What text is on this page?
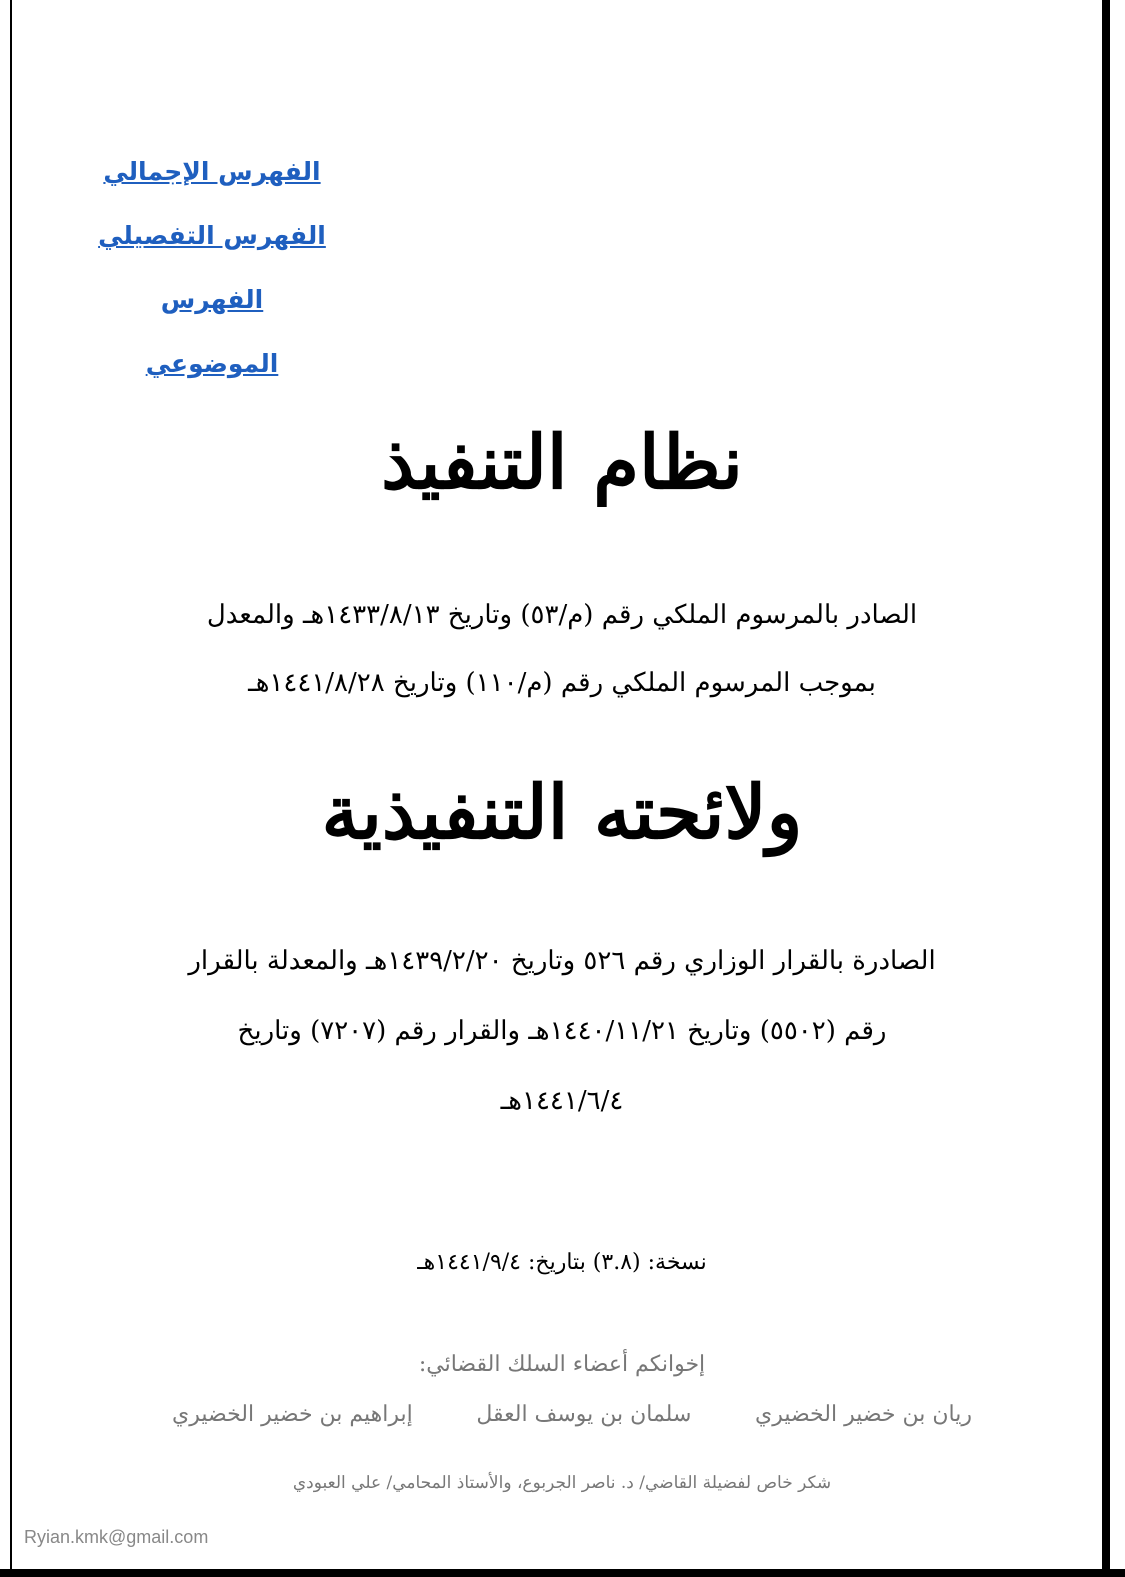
الفهرس الإجمالي
الفهرس التفصيلي
الفهرس الموضوعي
نظام التنفيذ
الصادر بالمرسوم الملكي رقم (م/٥٣) وتاريخ ١٤٣٣/٨/١٣هـ والمعدل
بموجب المرسوم الملكي رقم (م/١١٠) وتاريخ ١٤٤١/٨/٢٨هـ
ولائحته التنفيذية
الصادرة بالقرار الوزاري رقم ٥٢٦ وتاريخ ١٤٣٩/٢/٢٠هـ والمعدلة بالقرار
رقم (٥٥٠٢) وتاريخ ١٤٤٠/١١/٢١هـ والقرار رقم (٧٢٠٧) وتاريخ
١٤٤١/٦/٤هـ
نسخة: (٣.٨) بتاريخ: ١٤٤١/٩/٤هـ
إخوانكم أعضاء السلك القضائي:
ريان بن خضير الخضيري
سلمان بن يوسف العقل
إبراهيم بن خضير الخضيري
شكر خاص لفضيلة القاضي/ د. ناصر الجربوع، والأستاذ المحامي/ علي العبودي
Ryian.kmk@gmail.com
